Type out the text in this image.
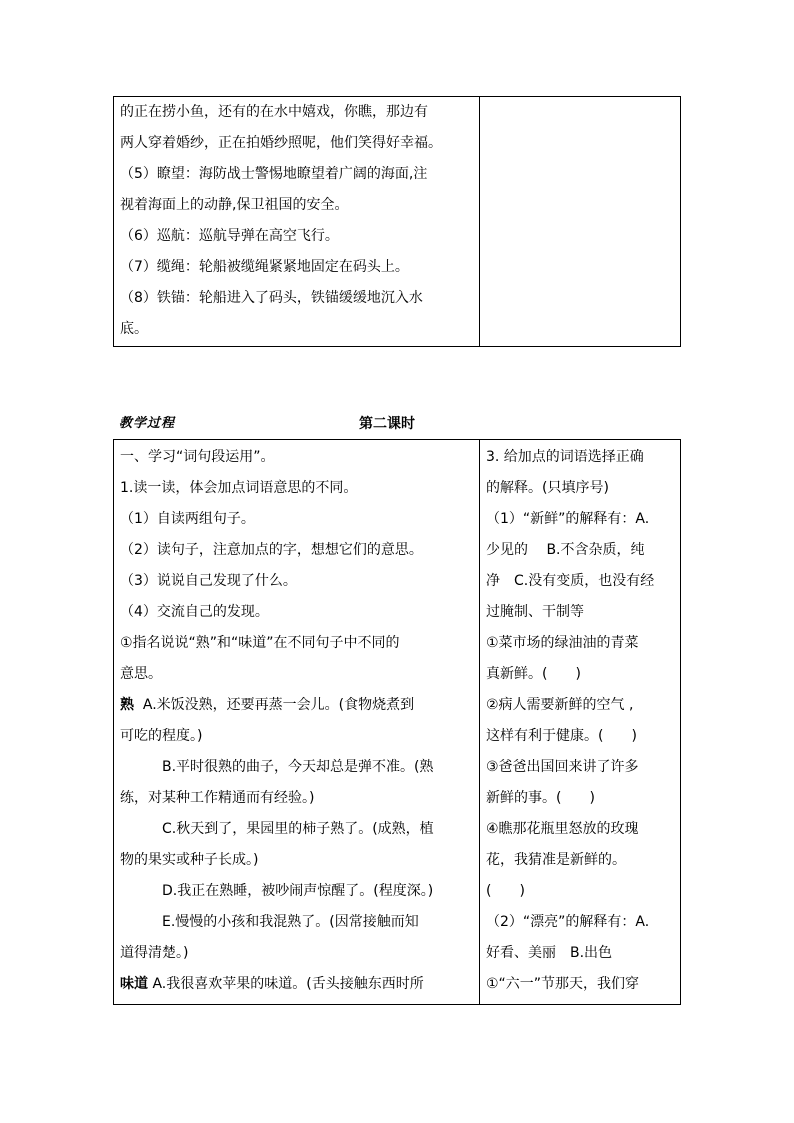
的正在捞小鱼，还有的在水中嬉戏，你瞧，那边有
两人穿着婚纱，正在拍婚纱照呢，他们笑得好幸福。
（5）瞭望：海防战士警惕地瞭望着广阔的海面,注
视着海面上的动静,保卫祖国的安全。
（6）巡航：巡航导弹在高空飞行。
（7）缆绳：轮船被缆绳紧紧地固定在码头上。
（8）铁锚：轮船进入了码头，铁锚缓缓地沉入水
底。
教学过程	第二课时
一、学习“词句段运用”。
1.读一读，体会加点词语意思的不同。
（1）自读两组句子。
（2）读句子，注意加点的字，想想它们的意思。
（3）说说自己发现了什么。
（4）交流自己的发现。
①指名说说“熟”和“味道”在不同句子中不同的
意思。
熟 A.米饭没熟，还要再蒸一会儿。(食物烧煮到
可吃的程度。)
B.平时很熟的曲子，今天却总是弹不准。(熟
练，对某种工作精通而有经验。)
C.秋天到了，果园里的柿子熟了。(成熟，植
物的果实或种子长成。)
D.我正在熟睡，被吵闹声惊醒了。(程度深。)
E.慢慢的小孩和我混熟了。(因常接触而知
道得清楚。)
味道 A.我很喜欢苹果的味道。(舌头接触东西时所
3. 给加点的词语选择正确
的解释。(只填序号)
（1）“新鲜”的解释有：A.
少见的　 B.不含杂质，纯
净　C.没有变质，也没有经
过腌制、干制等
①菜市场的绿油油的青菜
真新鲜。(　　)
②病人需要新鲜的空气 ,
这样有利于健康。(　　)
③爸爸出国回来讲了许多
新鲜的事。(　　)
④瞧那花瓶里怒放的玫瑰
花，我猜准是新鲜的。
(　　)
（2）“漂亮”的解释有：A.
好看、美丽　B.出色
①“六一”节那天，我们穿
